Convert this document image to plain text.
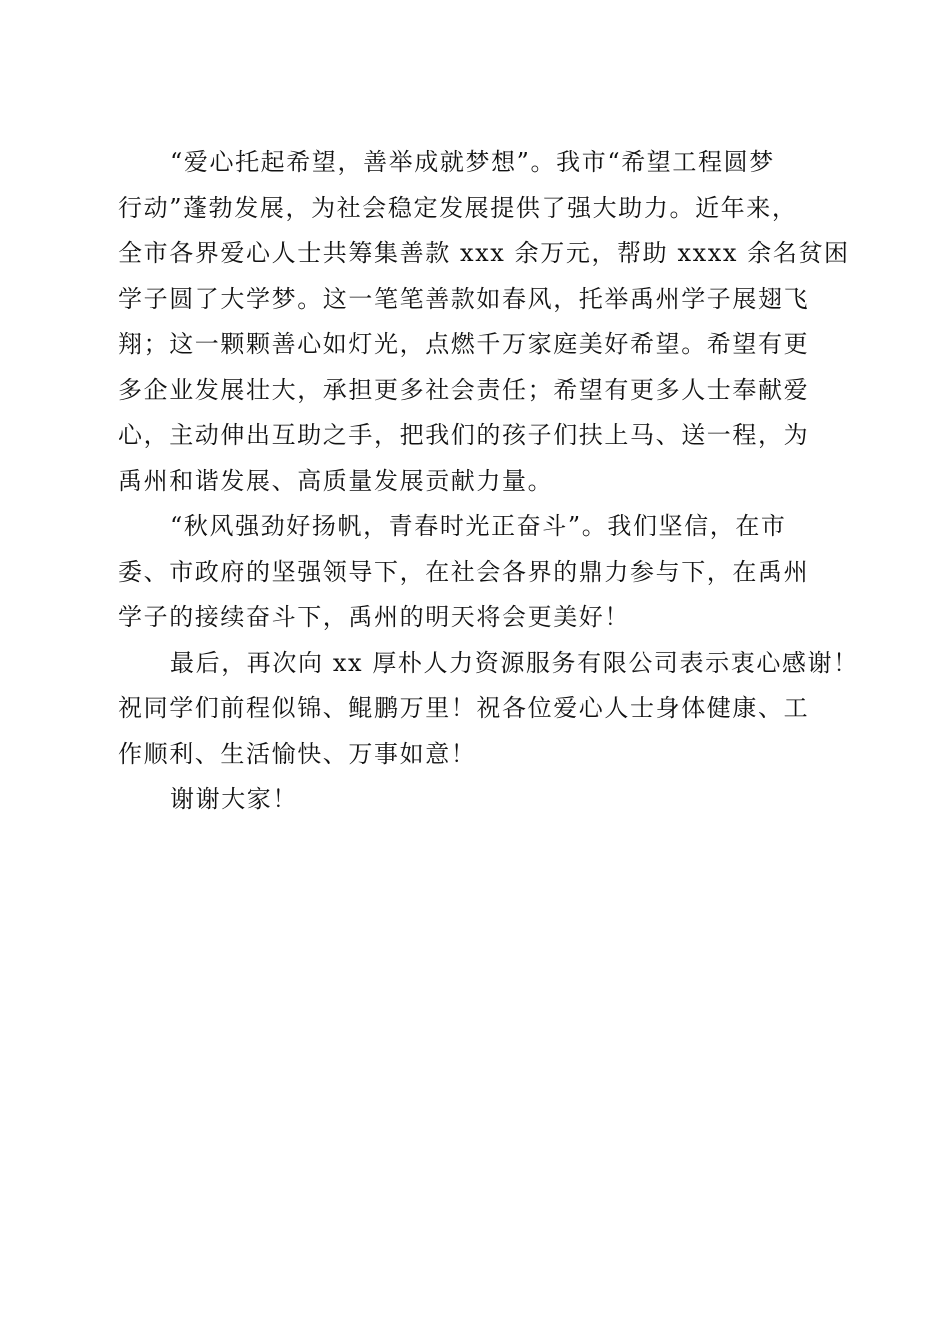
“爱心托起希望，善举成就梦想”。我市“希望工程圆梦
行动”蓬勃发展，为社会稳定发展提供了强大助力。近年来，
全市各界爱心人士共筹集善款 xxx 余万元，帮助 xxxx 余名贫困
学子圆了大学梦。这一笔笔善款如春风，托举禹州学子展翅飞
翔；这一颗颗善心如灯光，点燃千万家庭美好希望。希望有更
多企业发展壮大，承担更多社会责任；希望有更多人士奉献爱
心，主动伸出互助之手，把我们的孩子们扶上马、送一程，为
禹州和谐发展、高质量发展贡献力量。

“秋风强劲好扬帆，青春时光正奋斗”。我们坚信，在市
委、市政府的坚强领导下，在社会各界的鼎力参与下，在禹州
学子的接续奋斗下，禹州的明天将会更美好！

最后，再次向 xx 厚朴人力资源服务有限公司表示衷心感谢！
祝同学们前程似锦、鲲鹏万里！祝各位爱心人士身体健康、工
作顺利、生活愉快、万事如意！

谢谢大家！
